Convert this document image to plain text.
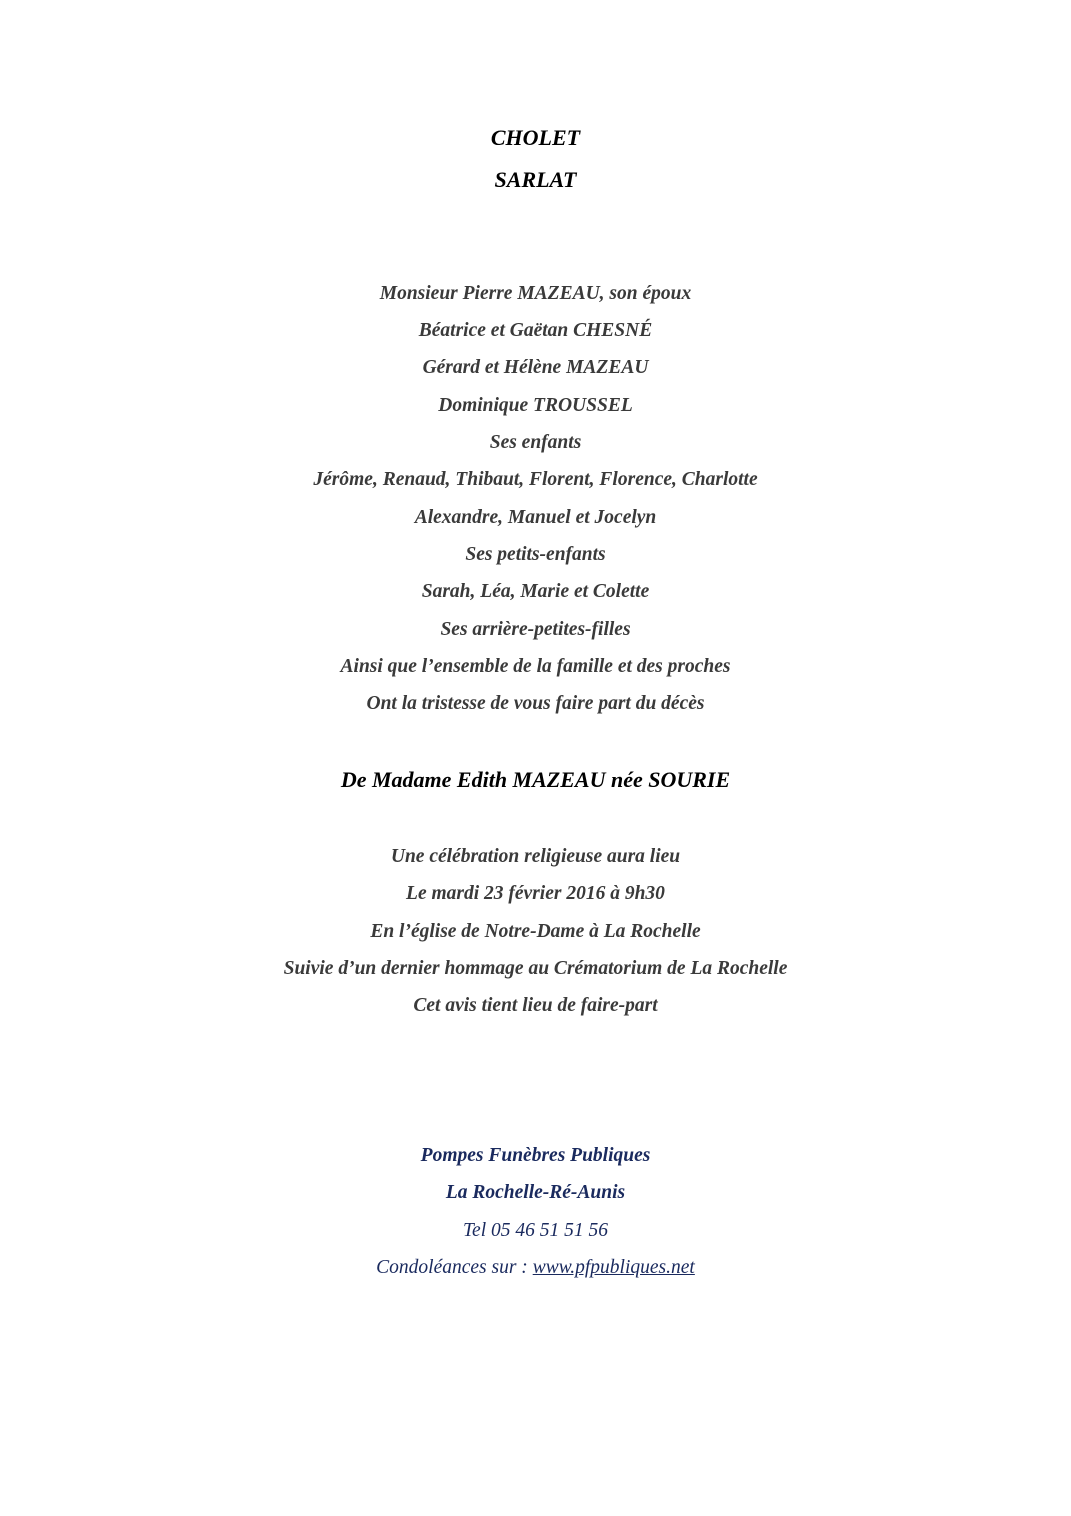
CHOLET
SARLAT
Monsieur Pierre MAZEAU, son époux
Béatrice et Gaëtan CHESNÉ
Gérard et Hélène MAZEAU
Dominique TROUSSEL
Ses enfants
Jérôme, Renaud, Thibaut, Florent, Florence, Charlotte
Alexandre, Manuel et Jocelyn
Ses petits-enfants
Sarah, Léa, Marie et Colette
Ses arrière-petites-filles
Ainsi que l’ensemble de la famille et des proches
Ont la tristesse de vous faire part du décès
De Madame Edith MAZEAU née SOURIE
Une célébration religieuse aura lieu
Le mardi 23 février 2016 à 9h30
En l’église de Notre-Dame à La Rochelle
Suivie d’un dernier hommage au Crématorium de La Rochelle
Cet avis tient lieu de faire-part
Pompes Funèbres Publiques
La Rochelle-Ré-Aunis
Tel 05 46 51 51 56
Condoléances sur : www.pfpubliques.net
